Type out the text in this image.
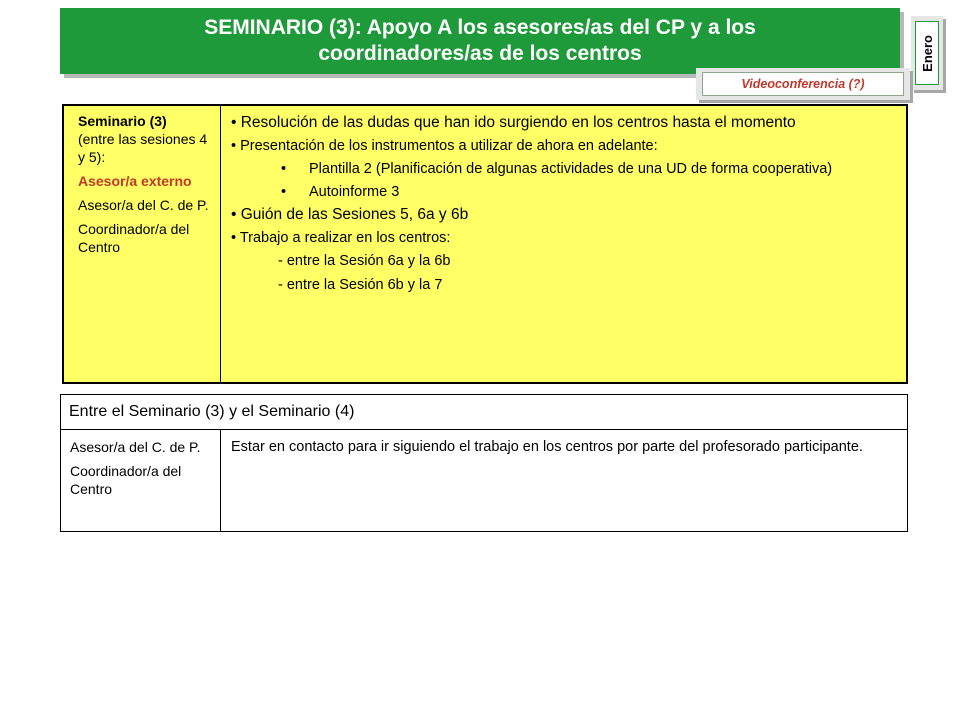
SEMINARIO (3): Apoyo A los asesores/as del CP y a los
coordinadores/as de los centros	Enero
Videoconferencia (?)

Seminario (3)
(entre las sesiones 4 y 5):

Asesor/a externo

Asesor/a del C. de P.

Coordinador/a del Centro

• Resolución de las dudas que han ido surgiendo en los centros hasta el momento

• Presentación de los instrumentos a utilizar de ahora en adelante:

• Plantilla 2 (Planificación de algunas actividades de una UD de forma cooperativa)
• Autoinforme 3

• Guión de las Sesiones 5, 6a y 6b

• Trabajo a realizar en los centros:

- entre la Sesión 6a y la 6b
- entre la Sesión 6b y la 7
Entre el Seminario (3) y el Seminario (4)

Asesor/a del C. de P.

Coordinador/a del Centro

Estar en contacto para ir siguiendo el trabajo en los centros por parte del profesorado participante.
